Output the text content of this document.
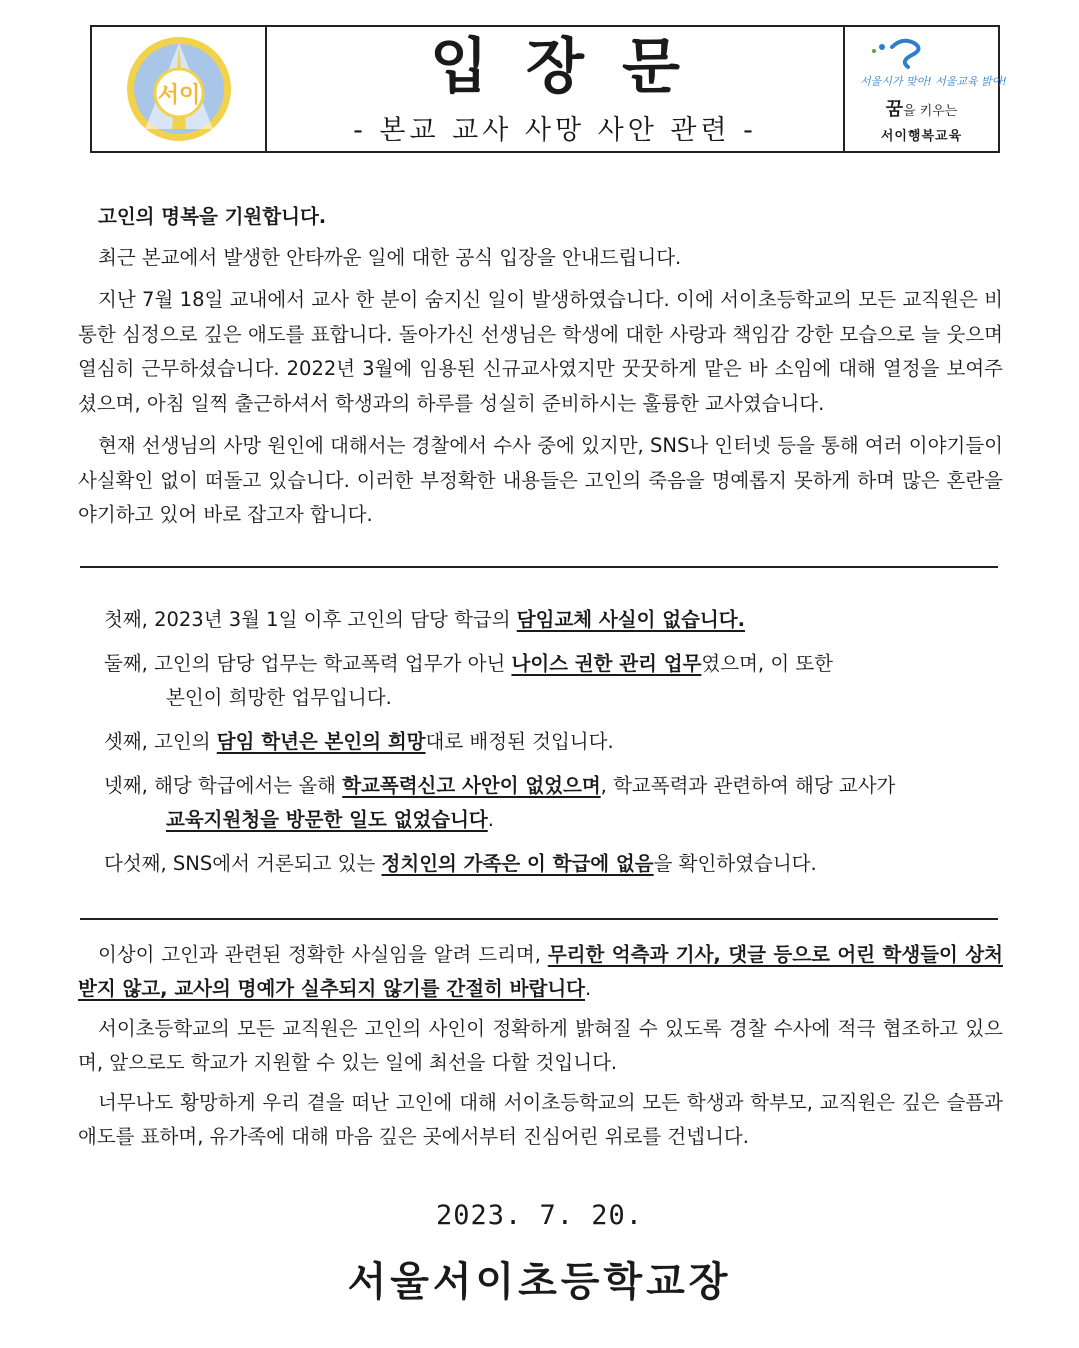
서이	입장문
- 본교 교사 사망 사안 관련 -
서울시가 맞아! 서울교육 밝아!
꿈을 키우는
서이행복교육

고인의 명복을 기원합니다.

최근 본교에서 발생한 안타까운 일에 대한 공식 입장을 안내드립니다.

지난 7월 18일 교내에서 교사 한 분이 숨지신 일이 발생하였습니다. 이에 서이초등학교의 모든 교직원은 비통한 심정으로 깊은 애도를 표합니다. 돌아가신 선생님은 학생에 대한 사랑과 책임감 강한 모습으로 늘 웃으며 열심히 근무하셨습니다. 2022년 3월에 임용된 신규교사였지만 꿋꿋하게 맡은 바 소임에 대해 열정을 보여주셨으며, 아침 일찍 출근하셔서 학생과의 하루를 성실히 준비하시는 훌륭한 교사였습니다.

현재 선생님의 사망 원인에 대해서는 경찰에서 수사 중에 있지만, SNS나 인터넷 등을 통해 여러 이야기들이 사실확인 없이 떠돌고 있습니다. 이러한 부정확한 내용들은 고인의 죽음을 명예롭지 못하게 하며 많은 혼란을 야기하고 있어 바로 잡고자 합니다.

첫째, 2023년 3월 1일 이후 고인의 담당 학급의 담임교체 사실이 없습니다.
둘째, 고인의 담당 업무는 학교폭력 업무가 아닌 나이스 권한 관리 업무였으며, 이 또한
본인이 희망한 업무입니다.
셋째, 고인의 담임 학년은 본인의 희망대로 배정된 것입니다.
넷째, 해당 학급에서는 올해 학교폭력신고 사안이 없었으며, 학교폭력과 관련하여 해당 교사가
교육지원청을 방문한 일도 없었습니다.
다섯째, SNS에서 거론되고 있는 정치인의 가족은 이 학급에 없음을 확인하였습니다.

이상이 고인과 관련된 정확한 사실임을 알려 드리며, 무리한 억측과 기사, 댓글 등으로 어린 학생들이 상처받지 않고, 교사의 명예가 실추되지 않기를 간절히 바랍니다.

서이초등학교의 모든 교직원은 고인의 사인이 정확하게 밝혀질 수 있도록 경찰 수사에 적극 협조하고 있으며, 앞으로도 학교가 지원할 수 있는 일에 최선을 다할 것입니다.

너무나도 황망하게 우리 곁을 떠난 고인에 대해 서이초등학교의 모든 학생과 학부모, 교직원은 깊은 슬픔과 애도를 표하며, 유가족에 대해 마음 깊은 곳에서부터 진심어린 위로를 건넵니다.

2023. 7. 20.
서울서이초등학교장
